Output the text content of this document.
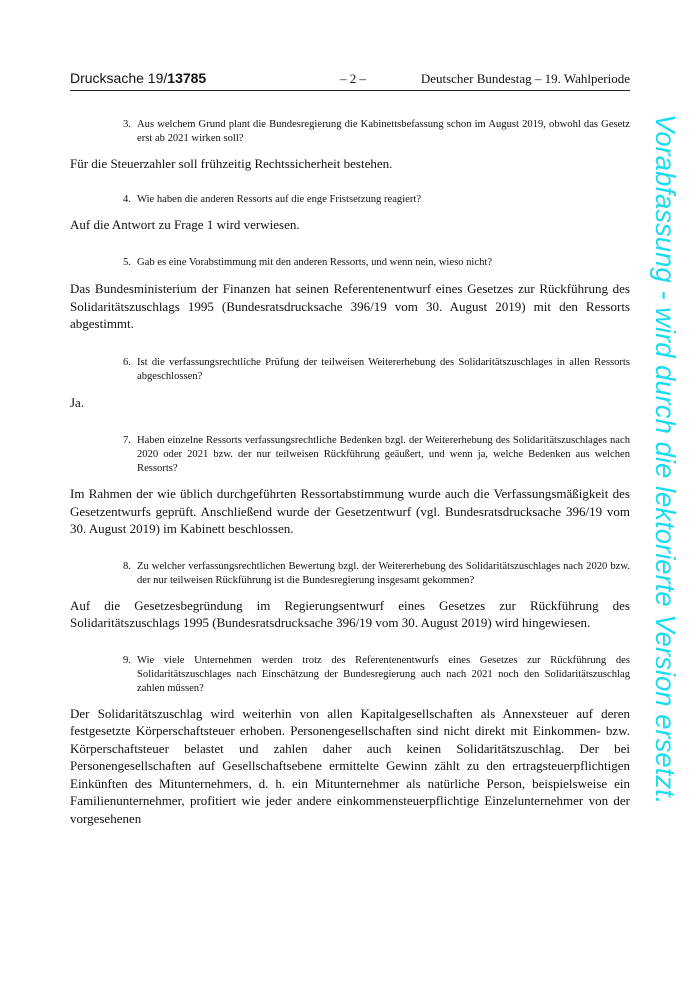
Drucksache 19/13785	– 2 –	Deutscher Bundestag – 19. Wahlperiode
3. Aus welchem Grund plant die Bundesregierung die Kabinettsbefassung schon im August 2019, obwohl das Gesetz erst ab 2021 wirken soll?

Für die Steuerzahler soll frühzeitig Rechtssicherheit bestehen.

4. Wie haben die anderen Ressorts auf die enge Fristsetzung reagiert?

Auf die Antwort zu Frage 1 wird verwiesen.

5. Gab es eine Vorabstimmung mit den anderen Ressorts, und wenn nein, wieso nicht?

Das Bundesministerium der Finanzen hat seinen Referentenentwurf eines Gesetzes zur Rückführung des Solidaritätszuschlags 1995 (Bundesratsdrucksache 396/19 vom 30. August 2019) mit den Ressorts abgestimmt.

6. Ist die verfassungsrechtliche Prüfung der teilweisen Weitererhebung des Solidaritätszuschlages in allen Ressorts abgeschlossen?

Ja.

7. Haben einzelne Ressorts verfassungsrechtliche Bedenken bzgl. der Weitererhebung des Solidaritätszuschlages nach 2020 oder 2021 bzw. der nur teilweisen Rückführung geäußert, und wenn ja, welche Bedenken aus welchen Ressorts?

Im Rahmen der wie üblich durchgeführten Ressortabstimmung wurde auch die Verfassungsmäßigkeit des Gesetzentwurfs geprüft. Anschließend wurde der Gesetzentwurf (vgl. Bundesratsdrucksache 396/19 vom 30. August 2019) im Kabinett beschlossen.

8. Zu welcher verfassungsrechtlichen Bewertung bzgl. der Weitererhebung des Solidaritätszuschlages nach 2020 bzw. der nur teilweisen Rückführung ist die Bundesregierung insgesamt gekommen?

Auf die Gesetzesbegründung im Regierungsentwurf eines Gesetzes zur Rückführung des Solidaritätszuschlags 1995 (Bundesratsdrucksache 396/19 vom 30. August 2019) wird hingewiesen.

9. Wie viele Unternehmen werden trotz des Referentenentwurfs eines Gesetzes zur Rückführung des Solidaritätszuschlages nach Einschätzung der Bundesregierung auch nach 2021 noch den Solidaritätszuschlag zahlen müssen?

Der Solidaritätszuschlag wird weiterhin von allen Kapitalgesellschaften als Annexsteuer auf deren festgesetzte Körperschaftsteuer erhoben. Personengesellschaften sind nicht direkt mit Einkommen- bzw. Körperschaftsteuer belastet und zahlen daher auch keinen Solidaritätszuschlag. Der bei Personengesellschaften auf Gesellschaftsebene ermittelte Gewinn zählt zu den ertragsteuerpflichtigen Einkünften des Mitunternehmers, d. h. ein Mitunternehmer als natürliche Person, beispielsweise ein Familienunternehmer, profitiert wie jeder andere einkommensteuerpflichtige Einzelunternehmer von der vorgesehenen

Vorabfassung - wird durch die lektorierte Version ersetzt.
